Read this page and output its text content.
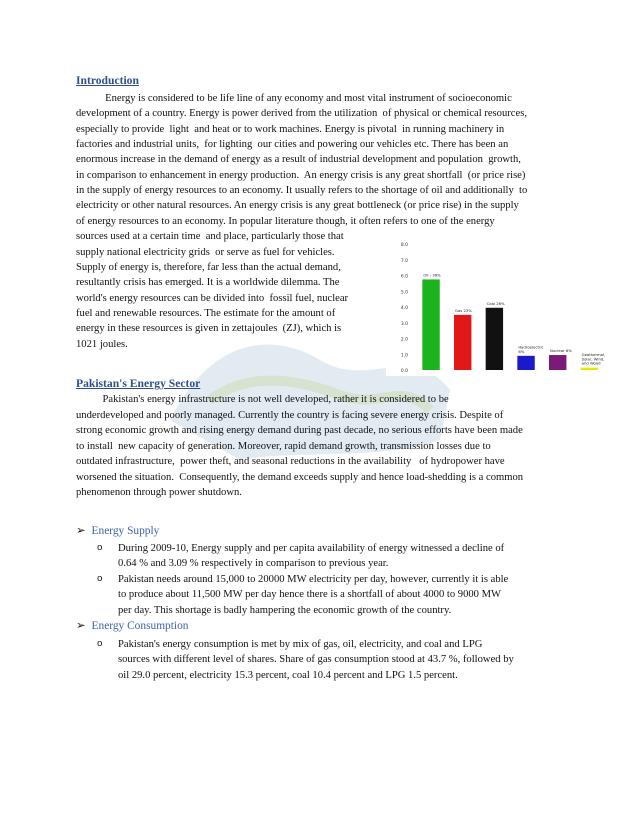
Introduction
Energy is considered to be life line of any economy and most vital instrument of socioeconomic
development of a country. Energy is power derived from the utilization  of physical or chemical resources,
especially to provide  light  and heat or to work machines. Energy is pivotal  in running machinery in
factories and industrial units,  for lighting  our cities and powering our vehicles etc. There has been an
enormous increase in the demand of energy as a result of industrial development and population  growth,
in comparison to enhancement in energy production.  An energy crisis is any great shortfall  (or price rise)
in the supply of energy resources to an economy. It usually refers to the shortage of oil and additionally  to
electricity or other natural resources. An energy crisis is any great bottleneck (or price rise) in the supply
of energy resources to an economy. In popular literature though, it often refers to one of the energy
sources used at a certain time  and place, particularly those that
supply national electricity grids  or serve as fuel for vehicles.
Supply of energy is, therefore, far less than the actual demand,
resultantly crisis has emerged. It is a worldwide dilemma. The
world's energy resources can be divided into  fossil fuel, nuclear
fuel and renewable resources. The estimate for the amount of
energy in these resources is given in zettajoules  (ZJ), which is
1021 joules.
0.0
1.0
2.0
3.0
4.0
5.0
6.0
7.0
8.0
Oil - 36%
Gas 23%
Coal 26%
Hydroelectric 6%	Nuclear 6%
Geothermal, Solar, Wind, and Wood
Pakistan's Energy Sector
Pakistan's energy infrastructure is not well developed, rather it is considered to be
underdeveloped and poorly managed. Currently the country is facing severe energy crisis. Despite of
strong economic growth and rising energy demand during past decade, no serious efforts have been made
to install  new capacity of generation. Moreover, rapid demand growth, transmission losses due to
outdated infrastructure,  power theft, and seasonal reductions in the availability   of hydropower have
worsened the situation.  Consequently, the demand exceeds supply and hence load-shedding is a common
phenomenon through power shutdown.
➢ Energy Supply
o During 2009-10, Energy supply and per capita availability of energy witnessed a decline of
0.64 % and 3.09 % respectively in comparison to previous year.
o Pakistan needs around 15,000 to 20000 MW electricity per day, however, currently it is able
to produce about 11,500 MW per day hence there is a shortfall of about 4000 to 9000 MW
per day. This shortage is badly hampering the economic growth of the country.
➢ Energy Consumption
o Pakistan's energy consumption is met by mix of gas, oil, electricity, and coal and LPG
sources with different level of shares. Share of gas consumption stood at 43.7 %, followed by
oil 29.0 percent, electricity 15.3 percent, coal 10.4 percent and LPG 1.5 percent.
